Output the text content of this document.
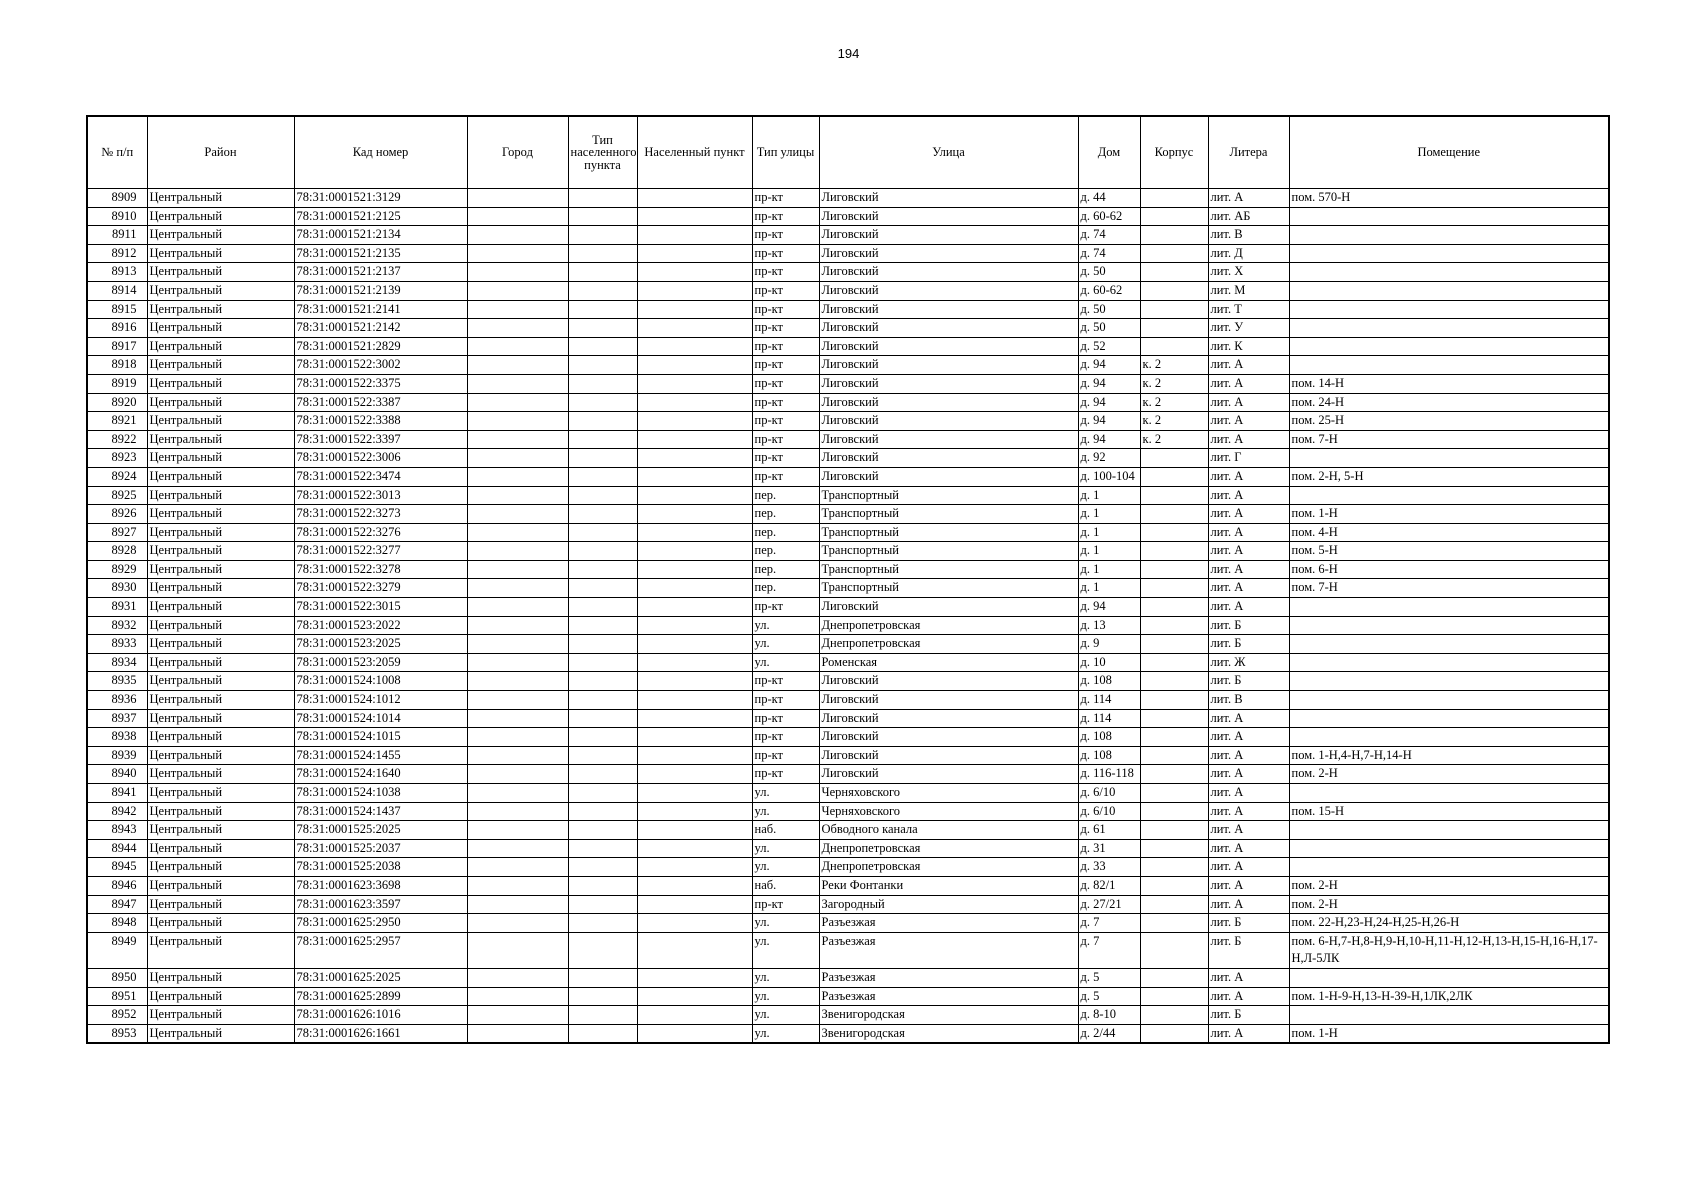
194
№ п/п	Район	Кад номер	Город	Тип населенного пункта	Населенный пункт	Тип улицы	Улица	Дом	Корпус	Литера	Помещение
8909	Центральный	78:31:0001521:3129				пр-кт	Лиговский	д. 44		лит. А	пом. 570-Н
8910	Центральный	78:31:0001521:2125				пр-кт	Лиговский	д. 60-62		лит. АБ	
8911	Центральный	78:31:0001521:2134				пр-кт	Лиговский	д. 74		лит. В	
8912	Центральный	78:31:0001521:2135				пр-кт	Лиговский	д. 74		лит. Д	
8913	Центральный	78:31:0001521:2137				пр-кт	Лиговский	д. 50		лит. Х	
8914	Центральный	78:31:0001521:2139				пр-кт	Лиговский	д. 60-62		лит. М	
8915	Центральный	78:31:0001521:2141				пр-кт	Лиговский	д. 50		лит. Т	
8916	Центральный	78:31:0001521:2142				пр-кт	Лиговский	д. 50		лит. У	
8917	Центральный	78:31:0001521:2829				пр-кт	Лиговский	д. 52		лит. К	
8918	Центральный	78:31:0001522:3002				пр-кт	Лиговский	д. 94	к. 2	лит. А	
8919	Центральный	78:31:0001522:3375				пр-кт	Лиговский	д. 94	к. 2	лит. А	пом. 14-Н
8920	Центральный	78:31:0001522:3387				пр-кт	Лиговский	д. 94	к. 2	лит. А	пом. 24-Н
8921	Центральный	78:31:0001522:3388				пр-кт	Лиговский	д. 94	к. 2	лит. А	пом. 25-Н
8922	Центральный	78:31:0001522:3397				пр-кт	Лиговский	д. 94	к. 2	лит. А	пом. 7-Н
8923	Центральный	78:31:0001522:3006				пр-кт	Лиговский	д. 92		лит. Г	
8924	Центральный	78:31:0001522:3474				пр-кт	Лиговский	д. 100-104		лит. А	пом. 2-Н, 5-Н
8925	Центральный	78:31:0001522:3013				пер.	Транспортный	д. 1		лит. А	
8926	Центральный	78:31:0001522:3273				пер.	Транспортный	д. 1		лит. А	пом. 1-Н
8927	Центральный	78:31:0001522:3276				пер.	Транспортный	д. 1		лит. А	пом. 4-Н
8928	Центральный	78:31:0001522:3277				пер.	Транспортный	д. 1		лит. А	пом. 5-Н
8929	Центральный	78:31:0001522:3278				пер.	Транспортный	д. 1		лит. А	пом. 6-Н
8930	Центральный	78:31:0001522:3279				пер.	Транспортный	д. 1		лит. А	пом. 7-Н
8931	Центральный	78:31:0001522:3015				пр-кт	Лиговский	д. 94		лит. А	
8932	Центральный	78:31:0001523:2022				ул.	Днепропетровская	д. 13		лит. Б	
8933	Центральный	78:31:0001523:2025				ул.	Днепропетровская	д. 9		лит. Б	
8934	Центральный	78:31:0001523:2059				ул.	Роменская	д. 10		лит. Ж	
8935	Центральный	78:31:0001524:1008				пр-кт	Лиговский	д. 108		лит. Б	
8936	Центральный	78:31:0001524:1012				пр-кт	Лиговский	д. 114		лит. В	
8937	Центральный	78:31:0001524:1014				пр-кт	Лиговский	д. 114		лит. А	
8938	Центральный	78:31:0001524:1015				пр-кт	Лиговский	д. 108		лит. А	
8939	Центральный	78:31:0001524:1455				пр-кт	Лиговский	д. 108		лит. А	пом. 1-Н,4-Н,7-Н,14-Н
8940	Центральный	78:31:0001524:1640				пр-кт	Лиговский	д. 116-118		лит. А	пом. 2-Н
8941	Центральный	78:31:0001524:1038				ул.	Черняховского	д. 6/10		лит. А	
8942	Центральный	78:31:0001524:1437				ул.	Черняховского	д. 6/10		лит. А	пом. 15-Н
8943	Центральный	78:31:0001525:2025				наб.	Обводного канала	д. 61		лит. А	
8944	Центральный	78:31:0001525:2037				ул.	Днепропетровская	д. 31		лит. А	
8945	Центральный	78:31:0001525:2038				ул.	Днепропетровская	д. 33		лит. А	
8946	Центральный	78:31:0001623:3698				наб.	Реки Фонтанки	д. 82/1		лит. А	пом. 2-Н
8947	Центральный	78:31:0001623:3597				пр-кт	Загородный	д. 27/21		лит. А	пом. 2-Н
8948	Центральный	78:31:0001625:2950				ул.	Разъезжая	д. 7		лит. Б	пом. 22-Н,23-Н,24-Н,25-Н,26-Н
8949	Центральный	78:31:0001625:2957				ул.	Разъезжая	д. 7		лит. Б	пом. 6-Н,7-Н,8-Н,9-Н,10-Н,11-Н,12-Н,13-Н,15-Н,16-Н,17-Н,Л-5ЛК
8950	Центральный	78:31:0001625:2025				ул.	Разъезжая	д. 5		лит. А	
8951	Центральный	78:31:0001625:2899				ул.	Разъезжая	д. 5		лит. А	пом. 1-Н-9-Н,13-Н-39-Н,1ЛК,2ЛК
8952	Центральный	78:31:0001626:1016				ул.	Звенигородская	д. 8-10		лит. Б	
8953	Центральный	78:31:0001626:1661				ул.	Звенигородская	д. 2/44		лит. А	пом. 1-Н
